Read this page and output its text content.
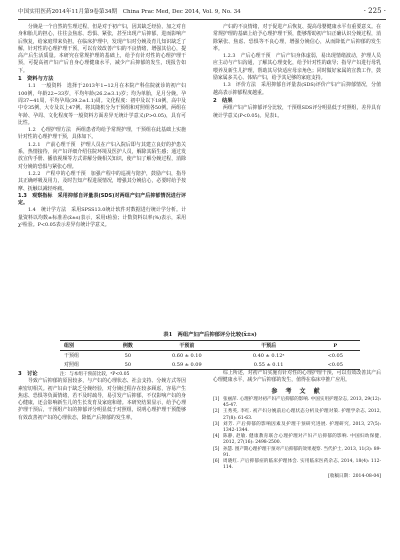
中国实用医药2014年11月第9卷第34期　China Prac Med, Dec 2014, Vol. 9, No. 34	· 225 ·

分娩是一个自然的生理过程，但是对于初产妇，因其缺乏经验，加之对自身和胎儿的担心，往往会焦虑、恐惧、紧张，甚至出现产后抑郁，进而影响产后恢复，给家庭带来负担。在临床护理中，发现产妇对分娩及育儿知识缺乏了解，针对性的心理护理干预，可以有效改善产妇的不良情绪，增强其信心，提高产后生活质量。本研究在常规护理的基础上，给予有针对性的心理护理干预，可提高初产妇产后自身心理健康水平，减少产后抑郁的发生，现报告如下。

1　资料与方法

1.1　一般资料　选择于2013年1~12月在本院产科住院就诊的初产妇100例，年龄22~33岁，平均年龄(26.2±3.1)岁；均为单胎，足月分娩。孕周37~41周，平均孕周(39.2±1.1)周。文化程度：初中及以下18例，高中及中专35例，大专及以上47例。将其随机分为干预组和对照组各50例。两组在年龄、孕周、文化程度等一般资料方面差异无统计学意义(P>0.05)，具有可比性。

1.2　心理护理方法　两组患者均给予常规护理，干预组在此基础上实施针对性的心理护理干预，具体如下。

1.2.1　产前心理干预　护理人员在产妇入院后即与其建立良好的护患关系，热情接待，向产妇详细介绍住院环境及医护人员，解除其陌生感；通过发放宣传手册、播放视频等方式讲解分娩相关知识，使产妇了解分娩过程，消除对分娩的恐惧与紧张心理。

1.2.2　产程中的心理干预　加强产程中的巡视与陪护，鼓励产妇，指导其正确呼吸及用力，及时告知产程进展情况，增强其分娩信心，必要时给予按摩、抚触以减轻疼痛。

1.3　观察指标　采用抑郁自评量表(SDS)对两组产妇产后抑郁情况进行评定。

1.4　统计学方法　采用SPSS13.0统计软件对数据进行统计学分析。计量资料以均数±标准差(x̄±s)表示，采用t检验；计数资料以率(%)表示，采用χ²检验。P<0.05表示差异有统计学意义。

产妇的不良情绪，对于促进产后恢复、提高母婴健康水平有重要意义。在常规护理的基础上给予心理护理干预，能够帮助初产妇正确认识分娩过程，消除紧张、焦虑、恐惧等不良心理，增强分娩信心，从而降低产后抑郁的发生率。

1.2.3　产后心理干预　产后产妇身体虚弱，易出现情绪波动，护理人员应主动与产妇沟通，了解其心理变化，给予针对性的疏导；指导产妇进行母乳喂养及新生儿护理，帮助其尽快适应母亲角色；同时做好家属的宣教工作，鼓励家属多关心、体贴产妇，给予其足够的家庭支持。

1.3　评价方法　采用抑郁自评量表(SDS)评价产妇产后抑郁情况，分值越高表示抑郁程度越重。

2　结果

两组产妇产后抑郁评分比较，干预组SDS评分明显低于对照组，差异具有统计学意义(P<0.05)。见表1。

表1　两组产妇产后抑郁评分比较(x̄±s)
组别	例数	干预前	干预后	P
干预组	50	0.60 ± 0.10	0.40 ± 0.12ᵃ	<0.05
对照组	50	0.59 ± 0.09	0.55 ± 0.11	<0.05
注：与本组干预前比较，ᵃP<0.05
3　讨论

导致产后抑郁的原因较多，与产妇的心理状态、社会支持、分娩方式等因素密切相关。初产妇由于缺乏分娩经验，对分娩过程存在较多顾虑，容易产生焦虑、恐惧等负面情绪，若不及时疏导，易引发产后抑郁，不仅影响产妇的身心健康，还会影响新生儿的生长发育及家庭和谐。本研究结果显示，给予心理护理干预后，干预组产妇的抑郁评分明显低于对照组，说明心理护理干预能够有效改善初产妇的心理状态，降低产后抑郁的发生率。

综上所述，对初产妇实施有针对性的心理护理干预，可以有效改善其产后心理健康水平，减少产后抑郁的发生，值得在临床中推广应用。

参 考 文 献
[1] 张丽萍. 心理护理对初产妇产后抑郁的影响. 中国实用护理杂志, 2013, 29(12): 45-47.
[2] 王秀英, 李红. 初产妇分娩前后心理状态分析及护理对策. 护理学杂志, 2012, 27(8): 61-63.
[3] 刘芳. 产后抑郁的影响因素及护理干预研究进展. 护理研究, 2013, 27(5): 1342-1344.
[4] 陈静, 赵敏. 健康教育联合心理护理对产妇产后抑郁的影响. 中国妇幼保健, 2012, 27(16): 2498-2500.
[5] 孙慧. 围产期心理护理干预对产后抑郁的效果观察. 当代护士, 2013, 11(3): 89-91.
[6] 周晓红. 产后抑郁症的临床护理体会. 实用临床医药杂志, 2014, 18(4): 112-114.
[收稿日期：2014-08-04]
